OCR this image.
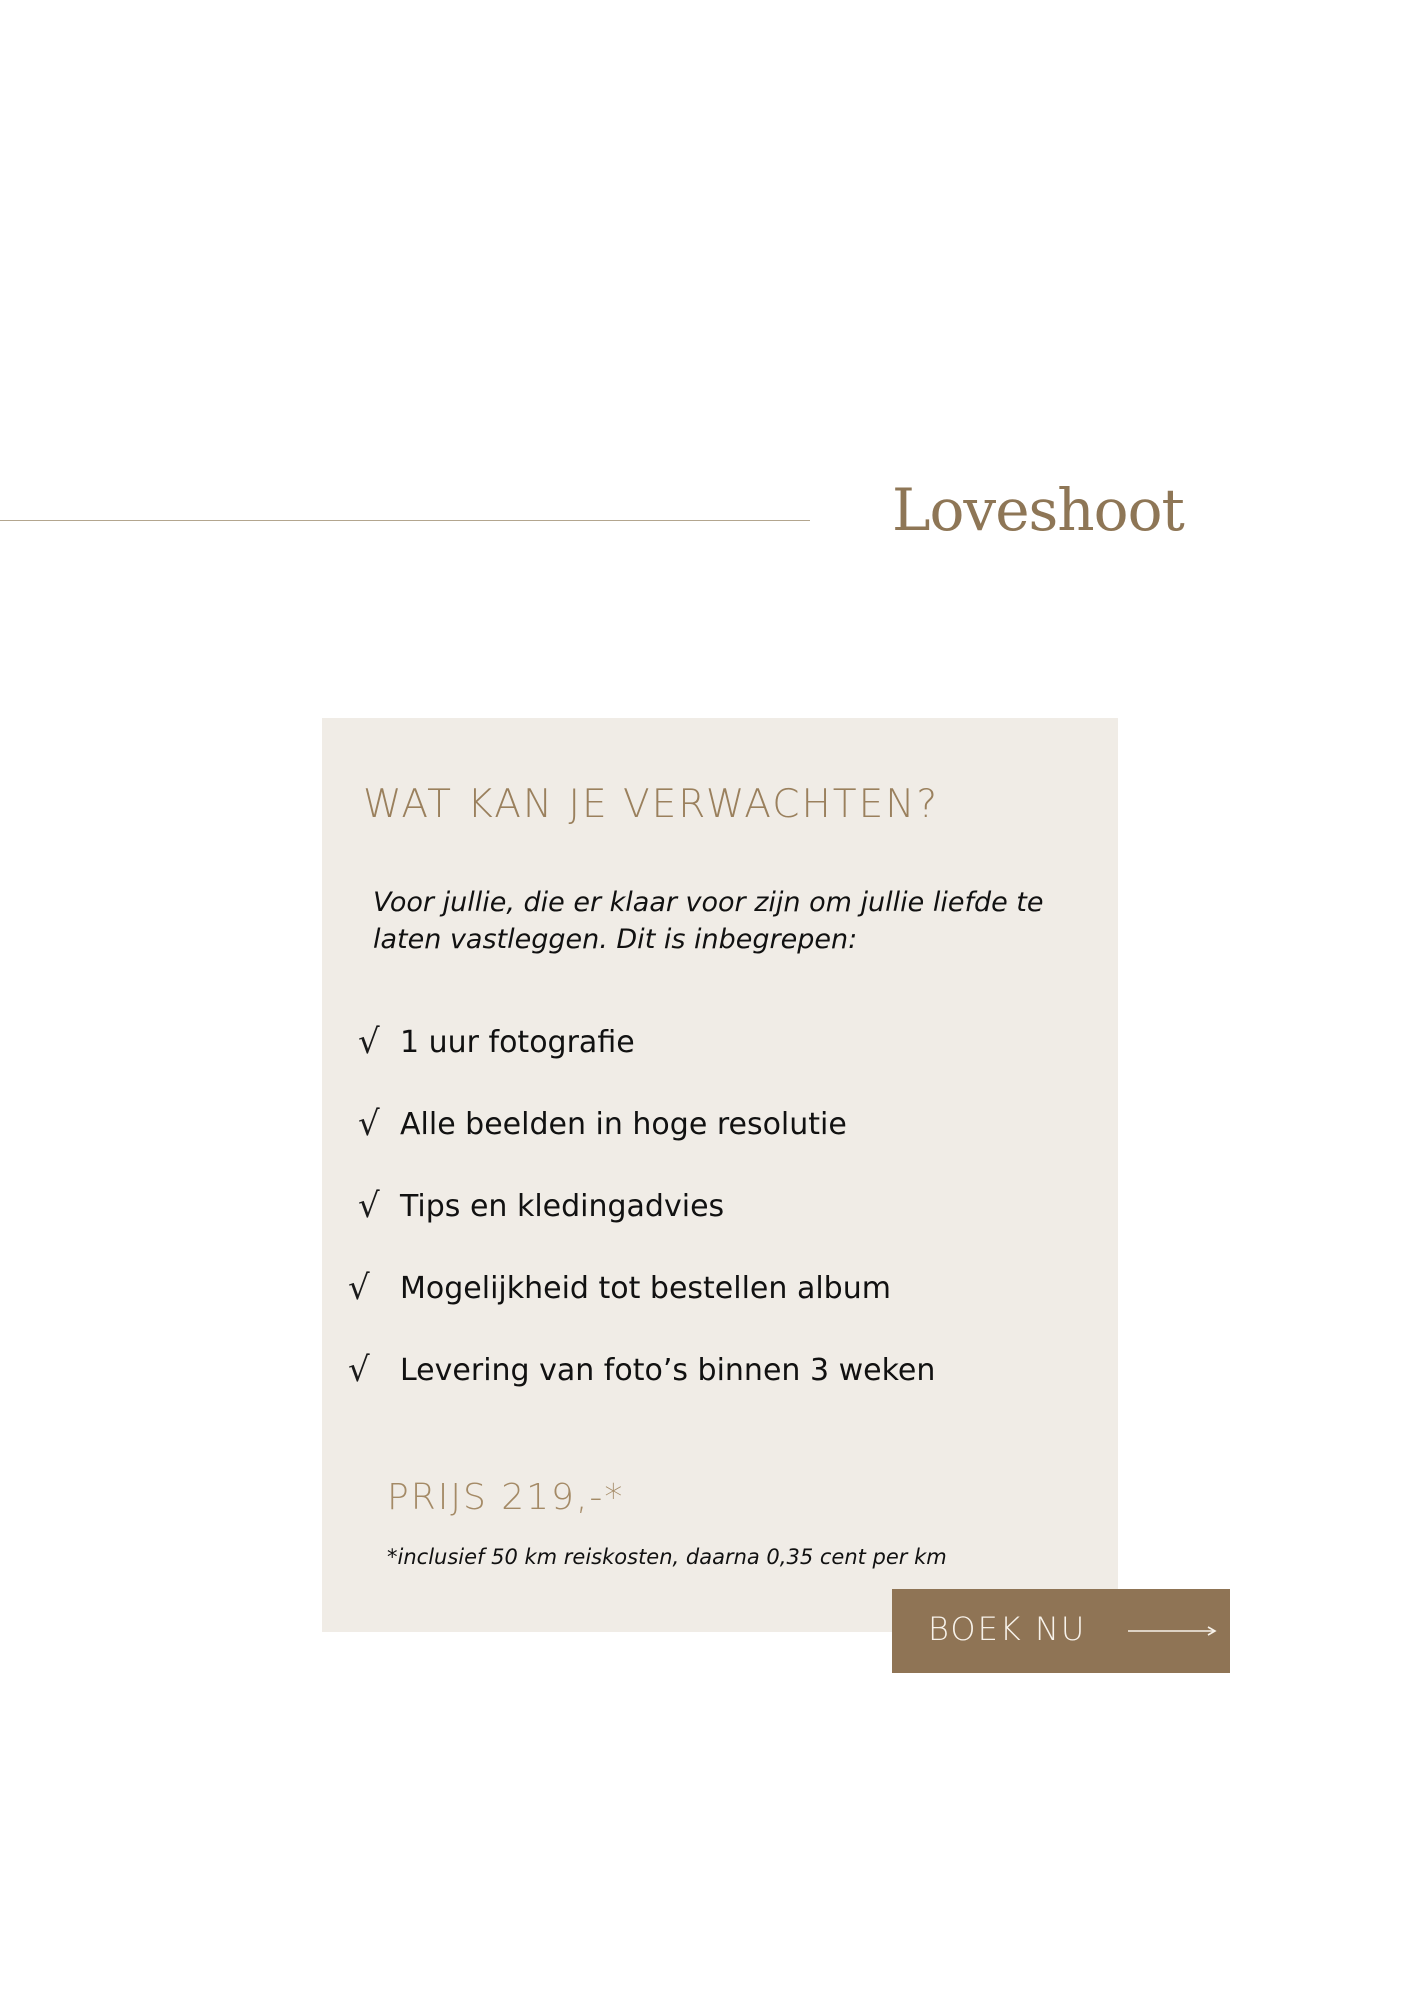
Loveshoot
WAT KAN JE VERWACHTEN?
Voor jullie, die er klaar voor zijn om jullie liefde te laten vastleggen. Dit is inbegrepen:
√ 1 uur fotografie
√ Alle beelden in hoge resolutie
√ Tips en kledingadvies
√ Mogelijkheid tot bestellen album
√ Levering van foto’s binnen 3 weken
PRIJS 219,-*
*inclusief 50 km reiskosten, daarna 0,35 cent per km
BOEK NU
